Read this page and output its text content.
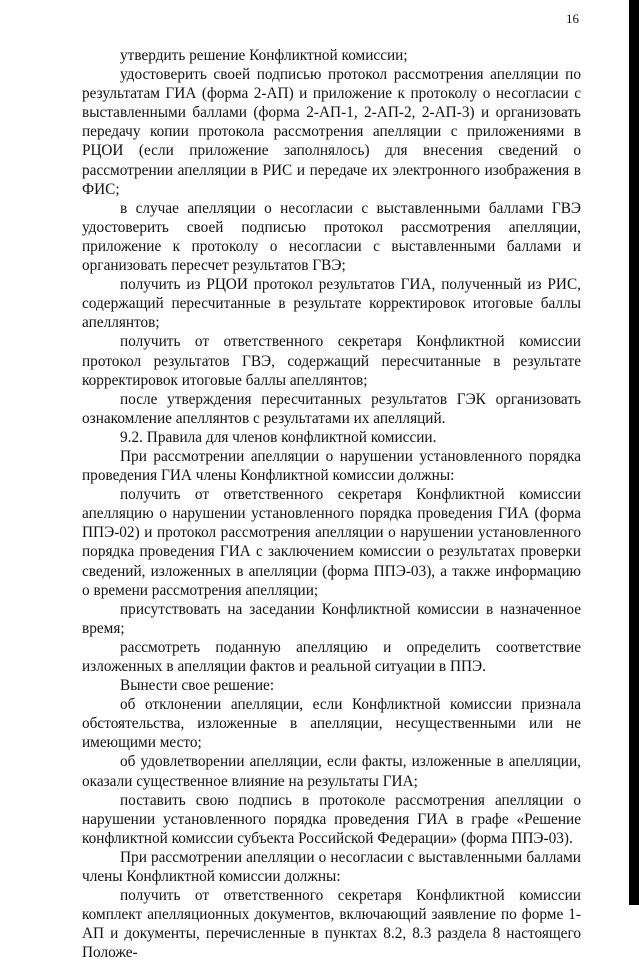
16

утвердить решение Конфликтной комиссии;

удостоверить своей подписью протокол рассмотрения апелляции по результатам ГИА (форма 2-АП) и приложение к протоколу о несогласии с выставленными баллами (форма 2-АП-1, 2-АП-2, 2-АП-3) и организовать передачу копии протокола рассмотрения апелляции с приложениями в РЦОИ (если приложение заполнялось) для внесения сведений о рассмотрении апелляции в РИС и передаче их электронного изображения в ФИС;

в случае апелляции о несогласии с выставленными баллами ГВЭ удостоверить своей подписью протокол рассмотрения апелляции, приложение к протоколу о несогласии с выставленными баллами и организовать пересчет результатов ГВЭ;

получить из РЦОИ протокол результатов ГИА, полученный из РИС, содержащий пересчитанные в результате корректировок итоговые баллы апеллянтов;

получить от ответственного секретаря Конфликтной комиссии протокол результатов ГВЭ, содержащий пересчитанные в результате корректировок итоговые баллы апеллянтов;

после утверждения пересчитанных результатов ГЭК организовать ознакомление апеллянтов с результатами их апелляций.

9.2. Правила для членов конфликтной комиссии.

При рассмотрении апелляции о нарушении установленного порядка проведения ГИА члены Конфликтной комиссии должны:

получить от ответственного секретаря Конфликтной комиссии апелляцию о нарушении установленного порядка проведения ГИА (форма ППЭ-02) и протокол рассмотрения апелляции о нарушении установленного порядка проведения ГИА с заключением комиссии о результатах проверки сведений, изложенных в апелляции (форма ППЭ-03), а также информацию о времени рассмотрения апелляции;

присутствовать на заседании Конфликтной комиссии в назначенное время;

рассмотреть поданную апелляцию и определить соответствие изложенных в апелляции фактов и реальной ситуации в ППЭ.

Вынести свое решение:

об отклонении апелляции, если Конфликтной комиссии признала обстоятельства, изложенные в апелляции, несущественными или не имеющими место;

об удовлетворении апелляции, если факты, изложенные в апелляции, оказали существенное влияние на результаты ГИА;

поставить свою подпись в протоколе рассмотрения апелляции о нарушении установленного порядка проведения ГИА в графе «Решение конфликтной комиссии субъекта Российской Федерации» (форма ППЭ-03).

При рассмотрении апелляции о несогласии с выставленными баллами члены Конфликтной комиссии должны:

получить от ответственного секретаря Конфликтной комиссии комплект апелляционных документов, включающий заявление по форме 1-АП и документы, перечисленные в пунктах 8.2, 8.3 раздела 8 настоящего Положе-
